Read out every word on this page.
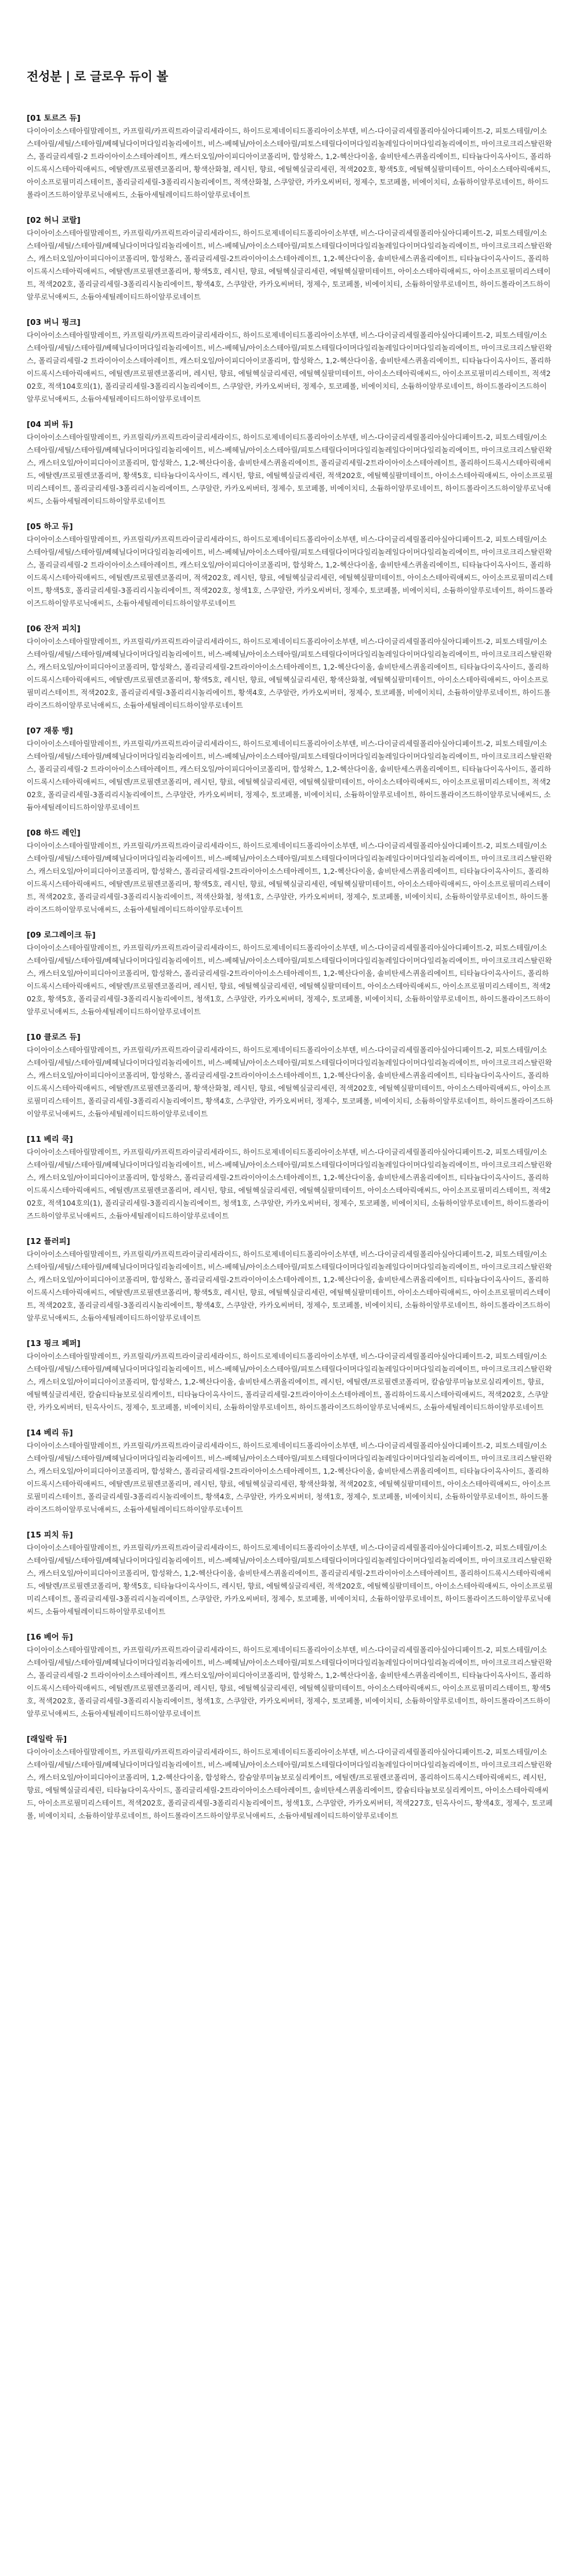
전성분 | 로 글로우 듀이 볼
[01 토르즈 듀]
다이아이소스테아릴말레이트, 카프릴릭/카프릭트라이글리세라이드, 하이드로제네이티드폴리아이소부텐, 비스-다이글리세릴폴리아실아디페이트-2, 피토스테릴/이소스테아릴/세틸/스테아릴/베헤닐다이머다일리놀리에이트, 비스-베헤닐/아이소스테아릴/피토스테릴다이머다일리놀레일다이머다일리놀리에이트, 마이크로크리스탈린왁스, 폴리글리세릴-2 트라이아이소스테아레이트, 캐스터오일/아이피디아이코폴리머, 합성왁스, 1,2-헥산다이올, 솔비탄세스퀴올리에이트, 티타늄다이옥사이드, 폴리하이드록시스테아릭애씨드, 에탈렌/프로필렌코폴리머, 황색산화철, 레시틴, 향료, 에틸헥실글리세린, 적색202호, 황색5호, 에틸헥실팔미테이트, 아이소스테아릭애씨드, 아이소프로필미리스테이트, 폴리글리세릴-3폴리리시놀리에이트, 적색산화철, 스쿠알란, 카카오씨버터, 정제수, 토코페롤, 비에이치티, 쇼듐하이알루로네이트, 하이드롤라이즈드하이알루로닉애씨드, 소듐아세틸레이티드하이알루로네이트
[02 허니 코랄]
다이아이소스테아릴말레이트, 카프릴릭/카프릭트라이글리세라이드, 하이드로제네이티드폴리아이소부텐, 비스-다이글리세릴폴리아실아디페이트-2, 피토스테릴/이소스테아릴/세틸/스테아릴/베헤닐다이머다일리놀리에이트, 비스-베헤닐/아이소스테아릴/피토스테릴다이머다일리놀레일다이머다일리놀리에이트, 마이크로크리스탈린왁스, 캐스터오일/아이피디아이코폴리머, 합성왁스, 폴리글리세릴-2트라이아이소스테아레이트, 1,2-헥산다이올, 솔비탄세스퀴올리에이트, 티타늄다이옥사이드, 폴리하이드록시스테아릭애씨드, 에탈렌/프로필렌코폴리머, 황색5호, 레시틴, 향료, 에틸헥실글리세린, 에틸헥실팔미테이트, 아이소스테아릭애씨드, 아이소프로필미리스테이트, 적색202호, 폴리글리세릴-3폴리리시놀리에이트, 황색4호, 스쿠알란, 카카오씨버터, 정제수, 토코페롤, 비에이치티, 소듐하이알루로네이트, 하이드롤라이즈드하이알루로닉애씨드, 소듐아세틸레이티드하이알루로네이트
[03 버니 핑크]
다이아이소스테아릴말레이트, 카프릴릭/카프릭트라이글리세라이드, 하이드로제네이티드폴리아이소부텐, 비스-다이글리세릴폴리아실아디페이트-2, 피토스테릴/이소스테아릴/세틸/스테아릴/베헤닐다이머다일리놀리에이트, 비스-베헤닐/아이소스테아릴/피토스테릴다이머다일리놀레일다이머다일리놀리에이트, 마이크로크리스탈린왁스, 폴리글리세릴-2 트라이아이소스테아레이트, 캐스터오일/아이피디아이코폴리머, 합성왁스, 1,2-헥산다이올, 솔비탄세스퀴올리에이트, 티타늄다이옥사이드, 폴리하이드록시스테아릭애씨드, 에틸렌/프로필렌코폴리머, 레시틴, 향료, 에틸헥실글리세린, 에틸헥실팔미테이트, 아이소스테아릭애씨드, 아이소프로필미리스테이트, 적색202호, 적색104호의(1), 폴리글리세릴-3폴리리시놀리에이트, 스쿠알란, 카카오씨버터, 정제수, 토코페롤, 비에이치티, 소듐하이알루로네이트, 하이드롤라이즈드하이알루로닉애씨드, 소듐아세틸레이티드하이알루로네이트
[04 피버 듀]
다이아이소스테아릴말레이트, 카프릴릭/카프릭트라이글리세라이드, 하이드로제네이티드폴리아이소부텐, 비스-다이글리세릴폴리아실아디페이트-2, 피토스테릴/이소스테아릴/세틸/스테아릴/베헤닐다이머다일리놀리에이트, 비스-베헤닐/아이소스테아릴/피토스테릴다이머다일리놀레일다이머다일리놀리에이트, 마이크로크리스탈린왁스, 캐스터오일/아이피디아이코폴리머, 합성왁스, 1,2-헥산다이올, 솔비탄세스퀴올리에이트, 폴리글리세릴-2트라이아이소스테아레이트, 폴리하이드록시스테아릭애씨드, 에탈렌/프로필렌코폴리머, 황색5호, 티타늄다이옥사이드, 레시틴, 향료, 에틸헥실글리세린, 적색202호, 에틸헥실팔미테이트, 아이소스테아릭애씨드, 아이소프로필미리스테이트, 폴리글리세릴-3폴리리시놀리에이트, 스쿠알란, 카카오씨버터, 정제수, 토코페롤, 비에이치티, 소듐하이알루로네이트, 하이드롤라이즈드하이알루로닉애씨드, 소듐아세틸레이티드하이알루로네이트
[05 하고 듀]
다이아이소스테아릴말레이트, 카프릴릭/카프릭트라이글리세라이드, 하이드로제네이티드폴리아이소부텐, 비스-다이글리세릴폴리아실아디페이트-2, 피토스테릴/이소스테아릴/세틸/스테아릴/베헤닐다이머다일리놀리에이트, 비스-베헤닐/아이소스테아릴/피토스테릴다이머다일리놀레일다이머다일리놀리에이트, 마이크로크리스탈린왁스, 폴리글리세릴-2 트라이아이소스테아레이트, 캐스터오일/아이피디아이코폴리머, 합성왁스, 1,2-헥산다이올, 솔비탄세스퀴올리에이트, 티타늄다이옥사이드, 폴리하이드록시스테아릭애씨드, 에틸렌/프로필렌코폴리머, 적색202호, 레시틴, 향료, 에틸헥실글리세린, 에틸헥실팔미테이트, 아이소스테아릭애씨드, 아이소프로필미리스테이트, 황색5호, 폴리글리세릴-3폴리리시놀리에이트, 적색202호, 청색1호, 스쿠알란, 카카오씨버터, 정제수, 토코페롤, 비에이치티, 소듐하이알루로네이트, 하이드롤라이즈드하이알루로닉애씨드, 소듐아세틸레이티드하이알루로네이트
[06 잔저 피치]
다이아이소스테아릴말레이트, 카프릴릭/카프릭트라이글리세라이드, 하이드로제네이티드폴리아이소부텐, 비스-다이글리세릴폴리아실아디페이트-2, 피토스테릴/이소스테아릴/세틸/스테아릴/베헤닐다이머다일리놀리에이트, 비스-베헤닐/아이소스테아릴/피토스테릴다이머다일리놀레일다이머다일리놀리에이트, 마이크로크리스탈린왁스, 캐스터오일/아이피디아이코폴리머, 합성왁스, 폴리글리세릴-2트라이아이소스테아레이트, 1,2-헥산다이올, 솔비탄세스퀴올리에이트, 티타늄다이옥사이드, 폴리하이드록시스테아릭애씨드, 에탈렌/프로필렌코폴리머, 황색5호, 레시틴, 향료, 에틸헥실글리세린, 황색산화철, 에틸헥실팔미테이트, 아이소스테아릭애씨드, 아이소프로필미리스테이트, 적색202호, 폴리글리세릴-3폴리리시놀리에이트, 황색4호, 스쿠알란, 카카오씨버터, 정제수, 토코페롤, 비에이치티, 소듐하이알루로네이트, 하이드롤라이즈드하이알루로닉애씨드, 소듐아세틸레이티드하이알루로네이트
[07 재롱 뱅]
다이아이소스테아릴말레이트, 카프릴릭/카프릭트라이글리세라이드, 하이드로제네이티드폴리아이소부텐, 비스-다이글리세릴폴리아실아디페이트-2, 피토스테릴/이소스테아릴/세틸/스테아릴/베헤닐다이머다일리놀리에이트, 비스-베헤닐/아이소스테아릴/피토스테릴다이머다일리놀레일다이머다일리놀리에이트, 마이크로크리스탈린왁스, 폴리글리세릴-2 트라이아이소스테아레이트, 캐스터오일/아이피디아이코폴리머, 합성왁스, 1,2-헥산다이올, 솔비탄세스퀴올리에이트, 티타늄다이옥사이드, 폴리하이드록시스테아릭애씨드, 에틸렌/프로필렌코폴리머, 레시틴, 향료, 에틸헥실글리세린, 에틸헥실팔미테이트, 아이소스테아릭애씨드, 아이소프로필미리스테이트, 적색202호, 폴리글리세릴-3폴리리시놀리에이트, 스쿠알란, 카카오씨버터, 정제수, 토코페롤, 비에이치티, 소듐하이알루로네이트, 하이드롤라이즈드하이알루로닉애씨드, 소듐아세틸레이티드하이알루로네이트
[08 하드 레인]
다이아이소스테아릴말레이트, 카프릴릭/카프릭트라이글리세라이드, 하이드로제네이티드폴리아이소부텐, 비스-다이글리세릴폴리아실아디페이트-2, 피토스테릴/이소스테아릴/세틸/스테아릴/베헤닐다이머다일리놀리에이트, 비스-베헤닐/아이소스테아릴/피토스테릴다이머다일리놀레일다이머다일리놀리에이트, 마이크로크리스탈린왁스, 캐스터오일/아이피디아이코폴리머, 합성왁스, 폴리글리세릴-2트라이아이소스테아레이트, 1,2-헥산다이올, 솔비탄세스퀴올리에이트, 티타늄다이옥사이드, 폴리하이드록시스테아릭애씨드, 에탈렌/프로필렌코폴리머, 황색5호, 레시틴, 향료, 에틸헥실글리세린, 에틸헥실팔미테이트, 아이소스테아릭애씨드, 아이소프로필미리스테이트, 적색202호, 폴리글리세릴-3폴리리시놀리에이트, 적색산화철, 청색1호, 스쿠알란, 카카오씨버터, 정제수, 토코페롤, 비에이치티, 소듐하이알루로네이트, 하이드롤라이즈드하이알루로닉애씨드, 소듐아세틸레이티드하이알루로네이트
[09 로그레이크 듀]
다이아이소스테아릴말레이트, 카프릴릭/카프릭트라이글리세라이드, 하이드로제네이티드폴리아이소부텐, 비스-다이글리세릴폴리아실아디페이트-2, 피토스테릴/이소스테아릴/세틸/스테아릴/베헤닐다이머다일리놀리에이트, 비스-베헤닐/아이소스테아릴/피토스테릴다이머다일리놀레일다이머다일리놀리에이트, 마이크로크리스탈린왁스, 캐스터오일/아이피디아이코폴리머, 합성왁스, 폴리글리세릴-2트라이아이소스테아레이트, 1,2-헥산다이올, 솔비탄세스퀴올리에이트, 티타늄다이옥사이드, 폴리하이드록시스테아릭애씨드, 에탈렌/프로필렌코폴리머, 레시틴, 향료, 에틸헥실글리세린, 에틸헥실팔미테이트, 아이소스테아릭애씨드, 아이소프로필미리스테이트, 적색202호, 황색5호, 폴리글리세릴-3폴리리시놀리에이트, 청색1호, 스쿠알란, 카카오씨버터, 정제수, 토코페롤, 비에이치티, 소듐하이알루로네이트, 하이드롤라이즈드하이알루로닉애씨드, 소듐아세틸레이티드하이알루로네이트
[10 클로즈 듀]
다이아이소스테아릴말레이트, 카프릴릭/카프릭트라이글리세라이드, 하이드로제네이티드폴리아이소부텐, 비스-다이글리세릴폴리아실아디페이트-2, 피토스테릴/이소스테아릴/세틸/스테아릴/베헤닐다이머다일리놀리에이트, 비스-베헤닐/아이소스테아릴/피토스테릴다이머다일리놀레일다이머다일리놀리에이트, 마이크로크리스탈린왁스, 캐스터오일/아이피디아이코폴리머, 합성왁스, 폴리글리세릴-2트라이아이소스테아레이트, 1,2-헥산다이올, 솔비탄세스퀴올리에이트, 티타늄다이옥사이드, 폴리하이드록시스테아릭애씨드, 에탈렌/프로필렌코폴리머, 황색산화철, 레시틴, 향료, 에틸헥실글리세린, 적색202호, 에틸헥실팔미테이트, 아이소스테아릭애씨드, 아이소프로필미리스테이트, 폴리글리세릴-3폴리리시놀리에이트, 황색4호, 스쿠알란, 카카오씨버터, 정제수, 토코페롤, 비에이치티, 소듐하이알루로네이트, 하이드롤라이즈드하이알루로닉애씨드, 소듐아세틸레이티드하이알루로네이트
[11 베리 쿡]
다이아이소스테아릴말레이트, 카프릴릭/카프릭트라이글리세라이드, 하이드로제네이티드폴리아이소부텐, 비스-다이글리세릴폴리아실아디페이트-2, 피토스테릴/이소스테아릴/세틸/스테아릴/베헤닐다이머다일리놀리에이트, 비스-베헤닐/아이소스테아릴/피토스테릴다이머다일리놀레일다이머다일리놀리에이트, 마이크로크리스탈린왁스, 캐스터오일/아이피디아이코폴리머, 합성왁스, 폴리글리세릴-2트라이아이소스테아레이트, 1,2-헥산다이올, 솔비탄세스퀴올리에이트, 티타늄다이옥사이드, 폴리하이드록시스테아릭애씨드, 에틸렌/프로필렌코폴리머, 레시틴, 향료, 에틸헥실글리세린, 에틸헥실팔미테이트, 아이소스테아릭애씨드, 아이소프로필미리스테이트, 적색202호, 적색104호의(1), 폴리글리세릴-3폴리리시놀리에이트, 청색1호, 스쿠알란, 카카오씨버터, 정제수, 토코페롤, 비에이치티, 소듐하이알루로네이트, 하이드롤라이즈드하이알루로닉애씨드, 소듐아세틸레이티드하이알루로네이트
[12 플러피]
다이아이소스테아릴말레이트, 카프릴릭/카프릭트라이글리세라이드, 하이드로제네이티드폴리아이소부텐, 비스-다이글리세릴폴리아실아디페이트-2, 피토스테릴/이소스테아릴/세틸/스테아릴/베헤닐다이머다일리놀리에이트, 비스-베헤닐/아이소스테아릴/피토스테릴다이머다일리놀레일다이머다일리놀리에이트, 마이크로크리스탈린왁스, 캐스터오일/아이피디아이코폴리머, 합성왁스, 폴리글리세릴-2트라이아이소스테아레이트, 1,2-헥산다이올, 솔비탄세스퀴올리에이트, 티타늄다이옥사이드, 폴리하이드록시스테아릭애씨드, 에탈렌/프로필렌코폴리머, 황색5호, 레시틴, 향료, 에틸헥실글리세린, 에틸헥실팔미테이트, 아이소스테아릭애씨드, 아이소프로필미리스테이트, 적색202호, 폴리글리세릴-3폴리리시놀리에이트, 황색4호, 스쿠알란, 카카오씨버터, 정제수, 토코페롤, 비에이치티, 소듐하이알루로네이트, 하이드롤라이즈드하이알루로닉애씨드, 소듐아세틸레이티드하이알루로네이트
[13 핑크 페퍼]
다이아이소스테아릴말레이트, 카프릴릭/카프릭트라이글리세라이드, 하이드로제네이티드폴리아이소부텐, 비스-다이글리세릴폴리아실아디페이트-2, 피토스테릴/이소스테아릴/세틸/스테아릴/베헤닐다이머다일리놀리에이트, 비스-베헤닐/아이소스테아릴/피토스테릴다이머다일리놀레일다이머다일리놀리에이트, 마이크로크리스탈린왁스, 캐스터오일/아이피디아이코폴리머, 합성왁스, 1,2-헥산다이올, 솔비탄세스퀴올리에이트, 레시틴, 에틸렌/프로필렌코폴리머, 칼슘알루미늄보로실리케이트, 향료, 에틸헥실글리세린, 칼슘티타늄보로실리케이트, 티타늄다이옥사이드, 폴리글리세릴-2트라이아이소스테아레이트, 폴리하이드록시스테아릭애씨드, 적색202호, 스쿠알란, 카카오씨버터, 틴옥사이드, 정제수, 토코페롤, 비에이치티, 소듐하이알루로네이트, 하이드롤라이즈드하이알루로닉애씨드, 소듐아세틸레이티드하이알루로네이트
[14 베리 듀]
다이아이소스테아릴말레이트, 카프릴릭/카프릭트라이글리세라이드, 하이드로제네이티드폴리아이소부텐, 비스-다이글리세릴폴리아실아디페이트-2, 피토스테릴/이소스테아릴/세틸/스테아릴/베헤닐다이머다일리놀리에이트, 비스-베헤닐/아이소스테아릴/피토스테릴다이머다일리놀레일다이머다일리놀리에이트, 마이크로크리스탈린왁스, 캐스터오일/아이피디아이코폴리머, 합성왁스, 폴리글리세릴-2트라이아이소스테아레이트, 1,2-헥산다이올, 솔비탄세스퀴올리에이트, 티타늄다이옥사이드, 폴리하이드록시스테아릭애씨드, 에탈렌/프로필렌코폴리머, 레시틴, 향료, 에틸헥실글리세린, 황색산화철, 적색202호, 에틸헥실팔미테이트, 아이소스테아릭애씨드, 아이소프로필미리스테이트, 폴리글리세릴-3폴리리시놀리에이트, 황색4호, 스쿠알란, 카카오씨버터, 청색1호, 정제수, 토코페롤, 비에이치티, 소듐하이알루로네이트, 하이드롤라이즈드하이알루로닉애씨드, 소듐아세틸레이티드하이알루로네이트
[15 피치 듀]
다이아이소스테아릴말레이트, 카프릴릭/카프릭트라이글리세라이드, 하이드로제네이티드폴리아이소부텐, 비스-다이글리세릴폴리아실아디페이트-2, 피토스테릴/이소스테아릴/세틸/스테아릴/베헤닐다이머다일리놀리에이트, 비스-베헤닐/아이소스테아릴/피토스테릴다이머다일리놀레일다이머다일리놀리에이트, 마이크로크리스탈린왁스, 캐스터오일/아이피디아이코폴리머, 합성왁스, 1,2-헥산다이올, 솔비탄세스퀴올리에이트, 폴리글리세릴-2트라이아이소스테아레이트, 폴리하이드록시스테아릭애씨드, 에탈렌/프로필렌코폴리머, 황색5호, 티타늄다이옥사이드, 레시틴, 향료, 에틸헥실글리세린, 적색202호, 에틸헥실팔미테이트, 아이소스테아릭애씨드, 아이소프로필미리스테이트, 폴리글리세릴-3폴리리시놀리에이트, 스쿠알란, 카카오씨버터, 정제수, 토코페롤, 비에이치티, 소듐하이알루로네이트, 하이드롤라이즈드하이알루로닉애씨드, 소듐아세틸레이티드하이알루로네이트
[16 베어 듀]
다이아이소스테아릴말레이트, 카프릴릭/카프릭트라이글리세라이드, 하이드로제네이티드폴리아이소부텐, 비스-다이글리세릴폴리아실아디페이트-2, 피토스테릴/이소스테아릴/세틸/스테아릴/베헤닐다이머다일리놀리에이트, 비스-베헤닐/아이소스테아릴/피토스테릴다이머다일리놀레일다이머다일리놀리에이트, 마이크로크리스탈린왁스, 폴리글리세릴-2 트라이아이소스테아레이트, 캐스터오일/아이피디아이코폴리머, 합성왁스, 1,2-헥산다이올, 솔비탄세스퀴올리에이트, 티타늄다이옥사이드, 폴리하이드록시스테아릭애씨드, 에틸렌/프로필렌코폴리머, 레시틴, 향료, 에틸헥실글리세린, 에틸헥실팔미테이트, 아이소스테아릭애씨드, 아이소프로필미리스테이트, 황색5호, 적색202호, 폴리글리세릴-3폴리리시놀리에이트, 청색1호, 스쿠알란, 카카오씨버터, 정제수, 토코페롤, 비에이치티, 소듐하이알루로네이트, 하이드롤라이즈드하이알루로닉애씨드, 소듐아세틸레이티드하이알루로네이트
[래일락 듀]
다이아이소스테아릴말레이트, 카프릴릭/카프릭트라이글리세라이드, 하이드로제네이티드폴리아이소부텐, 비스-다이글리세릴폴리아실아디페이트-2, 피토스테릴/이소스테아릴/세틸/스테아릴/베헤닐다이머다일리놀리에이트, 비스-베헤닐/아이소스테아릴/피토스테릴다이머다일리놀레일다이머다일리놀리에이트, 마이크로크리스탈린왁스, 캐스터오일/아이피디아이코폴리머, 1,2-헥산다이올, 합성왁스, 칼슘알루미늄보로실리케이트, 에틸렌/프로필렌코폴리머, 폴리하이드록시스테아릭애씨드, 레시틴, 향료, 에틸헥실글리세린, 티타늄다이옥사이드, 폴리글리세릴-2트라이아이소스테아레이트, 솔비탄세스퀴올리에이트, 칼슘티타늄보로실리케이트, 아이소스테아릭애씨드, 아이소프로필미리스테이트, 적색202호, 폴리글리세릴-3폴리리시놀리에이트, 청색1호, 스쿠알란, 카카오씨버터, 적색227호, 틴옥사이드, 황색4호, 정제수, 토코페롤, 비에이치티, 소듐하이알루로네이트, 하이드롤라이즈드하이알루로닉애씨드, 소듐아세틸레이티드하이알루로네이트
